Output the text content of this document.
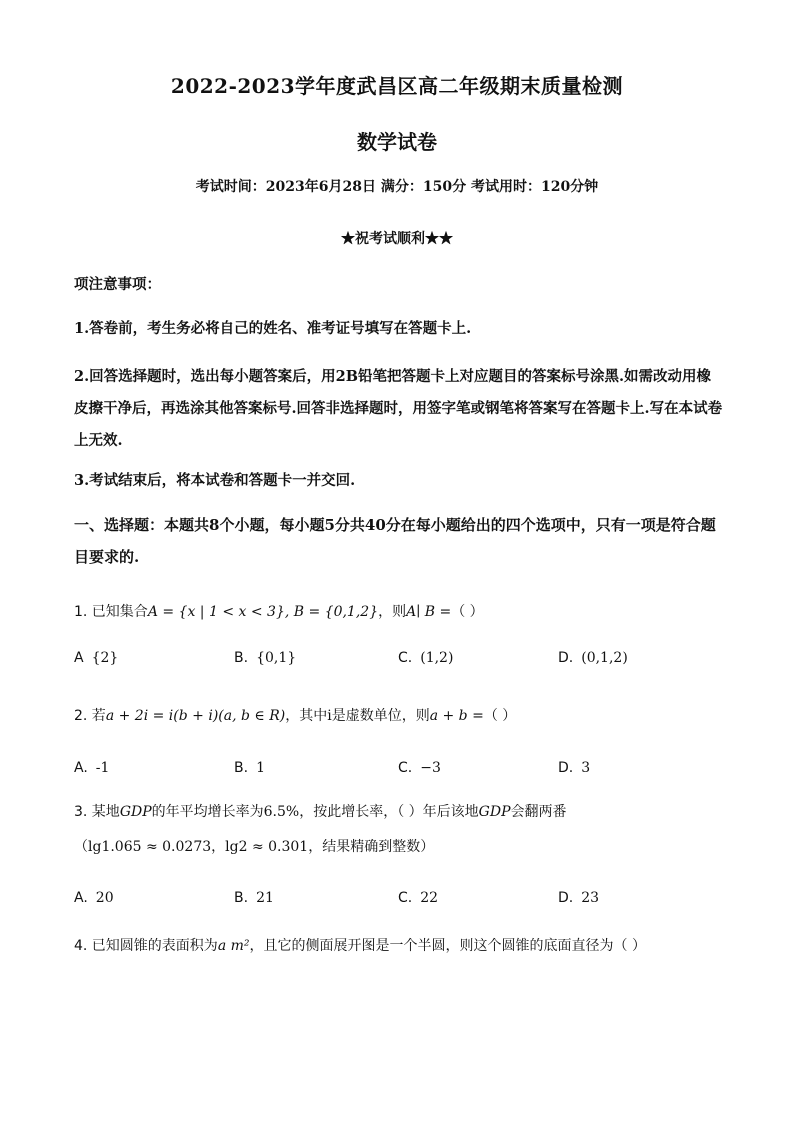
2022-2023学年度武昌区高二年级期末质量检测
数学试卷
考试时间：2023年6月28日 满分：150分 考试用时：120分钟
★祝考试顺利★★
项注意事项：
1.答卷前，考生务必将自己的姓名、准考证号填写在答题卡上.
2.回答选择题时，选出每小题答案后，用2B铅笔把答题卡上对应题目的答案标号涂黑.如需改动用橡皮擦干净后，再选涂其他答案标号.回答非选择题时，用签字笔或钢笔将答案写在答题卡上.写在本试卷上无效.
3.考试结束后，将本试卷和答题卡一并交回.
一、选择题：本题共8个小题，每小题5分共40分在每小题给出的四个选项中，只有一项是符合题目要求的.
1. 已知集合A = {x | 1 < x < 3}, B = {0,1,2}，则A∣ B =（ ）
A {2}	B. {0,1}	C. (1,2)	D. (0,1,2)
2. 若a + 2i = i(b + i)(a, b ∈ R)，其中i是虚数单位，则a + b =（ ）
A. -1	B. 1	C. −3	D. 3
3. 某地GDP的年平均增长率为6.5%，按此增长率，（ ）年后该地GDP会翻两番
（lg1.065 ≈ 0.0273，lg2 ≈ 0.301，结果精确到整数）
A. 20	B. 21	C. 22	D. 23
4. 已知圆锥的表面积为a m²，且它的侧面展开图是一个半圆，则这个圆锥的底面直径为（ ）
